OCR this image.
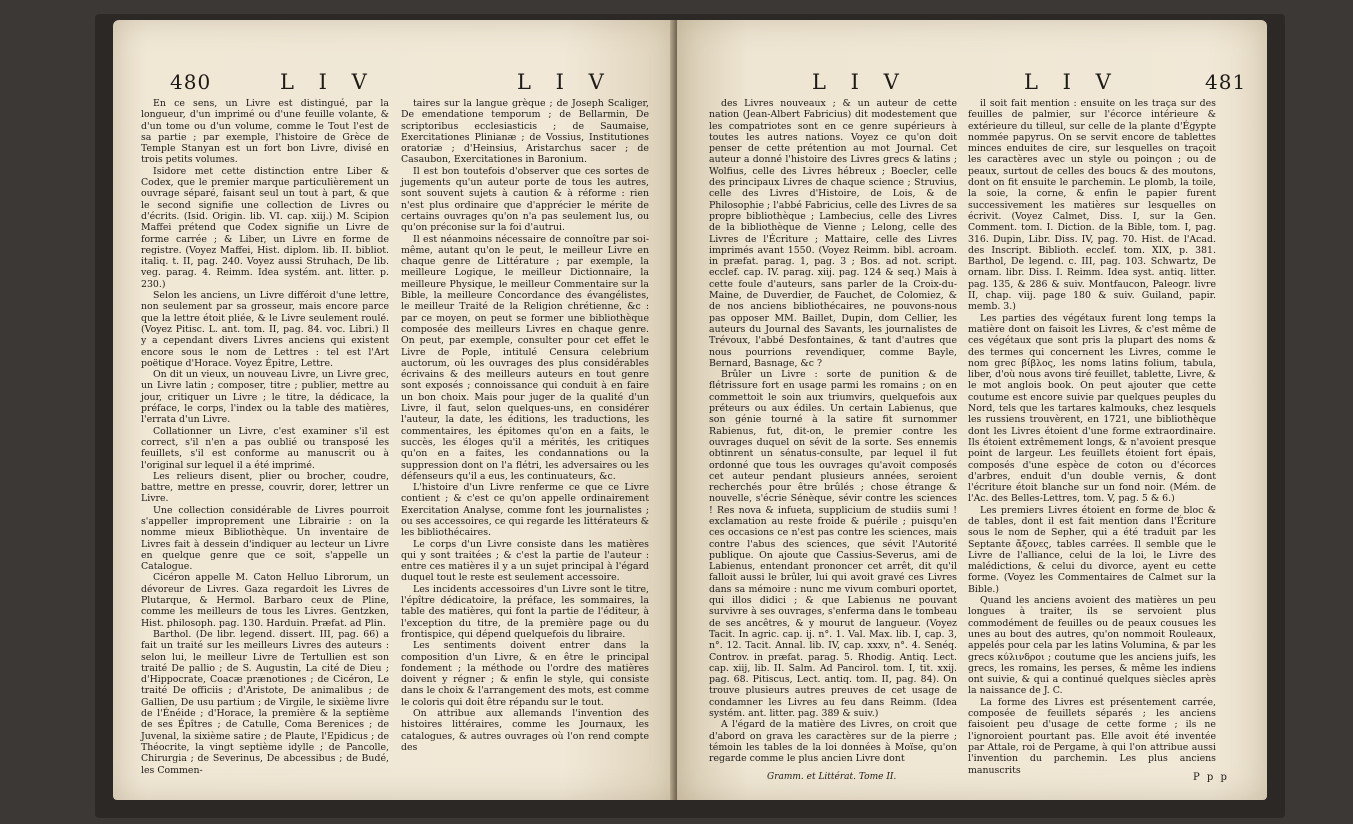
480	L I V	L I V

En ce sens, un Livre est distingué, par la longueur, d'un imprimé ou d'une feuille volante, & d'un tome ou d'un volume, comme le Tout l'est de sa partie ; par exemple, l'histoire de Grèce de Temple Stanyan est un fort bon Livre, divisé en trois petits volumes.

Isidore met cette distinction entre Liber & Codex, que le premier marque particulièrement un ouvrage séparé, faisant seul un tout à part, & que le second signifie une collection de Livres ou d'écrits. (Isid. Origin. lib. VI. cap. xiij.) M. Scipion Maffei prétend que Codex signifie un Livre de forme carrée ; & Liber, un Livre en forme de registre. (Voyez Maffei, Hist. diplom. lib. II. bibliot. italiq. t. II, pag. 240. Voyez aussi Struhach, De lib. veg. parag. 4. Reimm. Idea systém. ant. litter. p. 230.)

Selon les anciens, un Livre différoit d'une lettre, non seulement par sa grosseur, mais encore parce que la lettre étoit pliée, & le Livre seulement roulé. (Voyez Pitisc. L. ant. tom. II, pag. 84. voc. Libri.) Il y a cependant divers Livres anciens qui existent encore sous le nom de Lettres : tel est l'Art poëtique d'Horace. Voyez Épitre, Lettre.

On dit un vieux, un nouveau Livre, un Livre grec, un Livre latin ; composer, titre ; publier, mettre au jour, critiquer un Livre ; le titre, la dédicace, la préface, le corps, l'index ou la table des matières, l'errata d'un Livre.

Collationner un Livre, c'est examiner s'il est correct, s'il n'en a pas oublié ou transposé les feuillets, s'il est conforme au manuscrit ou à l'original sur lequel il a été imprimé.

Les relieurs disent, plier ou brocher, coudre, battre, mettre en presse, couvrir, dorer, lettrer un Livre.

Une collection considérable de Livres pourroit s'appeller improprement une Librairie : on la nomme mieux Bibliothèque. Un inventaire de Livres fait à dessein d'indiquer au lecteur un Livre en quelque genre que ce soit, s'appelle un Catalogue.

Cicéron appelle M. Caton Helluo Librorum, un dévoreur de Livres. Gaza regardoit les Livres de Plutarque, & Hermol. Barbaro ceux de Pline, comme les meilleurs de tous les Livres. Gentzken, Hist. philosoph. pag. 130. Harduin. Præfat. ad Plin.

Barthol. (De libr. legend. dissert. III, pag. 66) a fait un traité sur les meilleurs Livres des auteurs : selon lui, le meilleur Livre de Tertullien est son traité De pallio ; de S. Augustin, La cité de Dieu ; d'Hippocrate, Coacæ prænotiones ; de Cicéron, Le traité De officiis ; d'Aristote, De animalibus ; de Gallien, De usu partium ; de Virgile, le sixième livre de l'Énéide ; d'Horace, la première & la septième de ses Épîtres ; de Catulle, Coma Berenices ; de Juvenal, la sixième satire ; de Plaute, l'Epidicus ; de Théocrite, la vingt septième idylle ; de Pancolle, Chirurgia ; de Severinus, De abcessibus ; de Budé, les Commen-

taires sur la langue grèque ; de Joseph Scaliger, De emendatione temporum ; de Bellarmin, De scriptoribus ecclesiasticis ; de Saumaise, Exercitationes Plinianæ ; de Vossius, Institutiones oratoriæ ; d'Heinsius, Aristarchus sacer ; de Casaubon, Exercitationes in Baronium.

Il est bon toutefois d'observer que ces sortes de jugements qu'un auteur porte de tous les autres, sont souvent sujets à caution & à réforme : rien n'est plus ordinaire que d'apprécier le mérite de certains ouvrages qu'on n'a pas seulement lus, ou qu'on préconise sur la foi d'autrui.

Il est néanmoins nécessaire de connoître par soi-même, autant qu'on le peut, le meilleur Livre en chaque genre de Littérature ; par exemple, la meilleure Logique, le meilleur Dictionnaire, la meilleure Physique, le meilleur Commentaire sur la Bible, la meilleure Concordance des évangélistes, le meilleur Traité de la Religion chrétienne, &c : par ce moyen, on peut se former une bibliothèque composée des meilleurs Livres en chaque genre. On peut, par exemple, consulter pour cet effet le Livre de Pople, intitulé Censura celebrium auctorum, où les ouvrages des plus considérables écrivains & des meilleurs auteurs en tout genre sont exposés ; connoissance qui conduit à en faire un bon choix. Mais pour juger de la qualité d'un Livre, il faut, selon quelques-uns, en considérer l'auteur, la date, les éditions, les traductions, les commentaires, les épitomes qu'on en a faits, le succès, les éloges qu'il a mérités, les critiques qu'on en a faites, les condannations ou la suppression dont on l'a flétri, les adversaires ou les défenseurs qu'il a eus, les continuateurs, &c.

L'histoire d'un Livre renferme ce que ce Livre contient ; & c'est ce qu'on appelle ordinairement Exercitation Analyse, comme font les journalistes ; ou ses accessoires, ce qui regarde les littérateurs & les bibliothécaires.

Le corps d'un Livre consiste dans les matières qui y sont traitées ; & c'est la partie de l'auteur : entre ces matières il y a un sujet principal à l'égard duquel tout le reste est seulement accessoire.

Les incidents accessoires d'un Livre sont le titre, l'épître dédicatoire, la préface, les sommaires, la table des matières, qui font la partie de l'éditeur, à l'exception du titre, de la première page ou du frontispice, qui dépend quelquefois du libraire.

Les sentiments doivent entrer dans la composition d'un Livre, & en être le principal fondement ; la méthode ou l'ordre des matières doivent y régner ; & enfin le style, qui consiste dans le choix & l'arrangement des mots, est comme le coloris qui doit être répandu sur le tout.

On attribue aux allemands l'invention des histoires littéraires, comme les Journaux, les catalogues, & autres ouvrages où l'on rend compte des

L I V	L I V	481

des Livres nouveaux ; & un auteur de cette nation (Jean-Albert Fabricius) dit modestement que les compatriotes sont en ce genre supérieurs à toutes les autres nations. Voyez ce qu'on doit penser de cette prétention au mot Journal. Cet auteur a donné l'histoire des Livres grecs & latins ; Wolfius, celle des Livres hébreux ; Boecler, celle des principaux Livres de chaque science ; Struvius, celle des Livres d'Histoire, de Lois, & de Philosophie ; l'abbé Fabricius, celle des Livres de sa propre bibliothèque ; Lambecius, celle des Livres de la bibliothèque de Vienne ; Lelong, celle des Livres de l'Écriture ; Mattaire, celle des Livres imprimés avant 1550. (Voyez Reimm. bibl. acroam. in præfat. parag. 1, pag. 3 ; Bos. ad not. script. ecclef. cap. IV. parag. xiij. pag. 124 & seq.) Mais à cette foule d'auteurs, sans parler de la Croix-du-Maine, de Duverdier, de Fauchet, de Colomiez, & de nos anciens bibliothécaires, ne pouvons-nous pas opposer MM. Baillet, Dupin, dom Cellier, les auteurs du Journal des Savants, les journalistes de Trévoux, l'abbé Desfontaines, & tant d'autres que nous pourrions revendiquer, comme Bayle, Bernard, Basnage, &c ?

Brûler un Livre : sorte de punition & de flétrissure fort en usage parmi les romains ; on en commettoit le soin aux triumvirs, quelquefois aux préteurs ou aux édiles. Un certain Labienus, que son génie tourné à la satire fit surnommer Rabienus, fut, dit-on, le premier contre les ouvrages duquel on sévit de la sorte. Ses ennemis obtinrent un sénatus-consulte, par lequel il fut ordonné que tous les ouvrages qu'avoit composés cet auteur pendant plusieurs années, seroient recherchés pour être brûlés ; chose étrange & nouvelle, s'écrie Sénèque, sévir contre les sciences ! Res nova & infueta, supplicium de studiis sumi ! exclamation au reste froide & puérile ; puisqu'en ces occasions ce n'est pas contre les sciences, mais contre l'abus des sciences, que sévit l'Autorité publique. On ajoute que Cassius-Severus, ami de Labienus, entendant prononcer cet arrêt, dit qu'il falloit aussi le brûler, lui qui avoit gravé ces Livres dans sa mémoire : nunc me vivum comburi oportet, qui illos didici ; & que Labienus ne pouvant survivre à ses ouvrages, s'enferma dans le tombeau de ses ancêtres, & y mourut de langueur. (Voyez Tacit. In agric. cap. ij. n°. 1. Val. Max. lib. I, cap. 3, n°. 12. Tacit. Annal. lib. IV, cap. xxxv, n°. 4. Senéq. Controv. in præfat. parag. 5. Rhodig. Antiq. Lect. cap. xiij, lib. II. Salm. Ad Pancirol. tom. I, tit. xxij. pag. 68. Pitiscus, Lect. antiq. tom. II, pag. 84). On trouve plusieurs autres preuves de cet usage de condamner les Livres au feu dans Reimm. (Idea systém. ant. litter. pag. 389 & suiv.)

A l'égard de la matière des Livres, on croit que d'abord on grava les caractères sur de la pierre ; témoin les tables de la loi données à Moïse, qu'on regarde comme le plus ancien Livre dont

il soit fait mention : ensuite on les traça sur des feuilles de palmier, sur l'écorce intérieure & extérieure du tilleul, sur celle de la plante d'Égypte nommée papyrus. On se servit encore de tablettes minces enduites de cire, sur lesquelles on traçoit les caractères avec un style ou poinçon ; ou de peaux, surtout de celles des boucs & des moutons, dont on fit ensuite le parchemin. Le plomb, la toile, la soie, la corne, & enfin le papier furent successivement les matières sur lesquelles on écrivit. (Voyez Calmet, Diss. I, sur la Gen. Comment. tom. I. Diction. de la Bible, tom. I, pag. 316. Dupin, Libr. Diss. IV, pag. 70. Hist. de l'Acad. des Inscript. Biblioth. ecclef. tom. XIX, p. 381. Barthol, De legend. c. III, pag. 103. Schwartz, De ornam. libr. Diss. I. Reimm. Idea syst. antiq. litter. pag. 135, & 286 & suiv. Montfaucon, Paleogr. livre II, chap. viij. page 180 & suiv. Guiland, papir. memb. 3.)

Les parties des végétaux furent long temps la matière dont on faisoit les Livres, & c'est même de ces végétaux que sont pris la plupart des noms & des termes qui concernent les Livres, comme le nom grec βίβλος, les noms latins folium, tabula, liber, d'où nous avons tiré feuillet, tablette, Livre, & le mot anglois book. On peut ajouter que cette coutume est encore suivie par quelques peuples du Nord, tels que les tartares kalmouks, chez lesquels les russiens trouvèrent, en 1721, une bibliothèque dont les Livres étoient d'une forme extraordinaire. Ils étoient extrêmement longs, & n'avoient presque point de largeur. Les feuillets étoient fort épais, composés d'une espèce de coton ou d'écorces d'arbres, enduit d'un double vernis, & dont l'écriture étoit blanche sur un fond noir. (Mém. de l'Ac. des Belles-Lettres, tom. V, pag. 5 & 6.)

Les premiers Livres étoient en forme de bloc & de tables, dont il est fait mention dans l'Écriture sous le nom de Sepher, qui a été traduit par les Septante ἄξονες, tables carrées. Il semble que le Livre de l'alliance, celui de la loi, le Livre des malédictions, & celui du divorce, ayent eu cette forme. (Voyez les Commentaires de Calmet sur la Bible.)

Quand les anciens avoient des matières un peu longues à traiter, ils se servoient plus commodément de feuilles ou de peaux cousues les unes au bout des autres, qu'on nommoit Rouleaux, appelés pour cela par les latins Volumina, & par les grecs κύλινδροι ; coutume que les anciens juifs, les grecs, les romains, les perses, & même les indiens ont suivie, & qui a continué quelques siècles après la naissance de J. C.

La forme des Livres est présentement carrée, composée de feuillets séparés ; les anciens faisoient peu d'usage de cette forme ; ils ne l'ignoroient pourtant pas. Elle avoit été inventée par Attale, roi de Pergame, à qui l'on attribue aussi l'invention du parchemin. Les plus anciens manuscrits

Gramm. et Littérat. Tome II.	P p p
